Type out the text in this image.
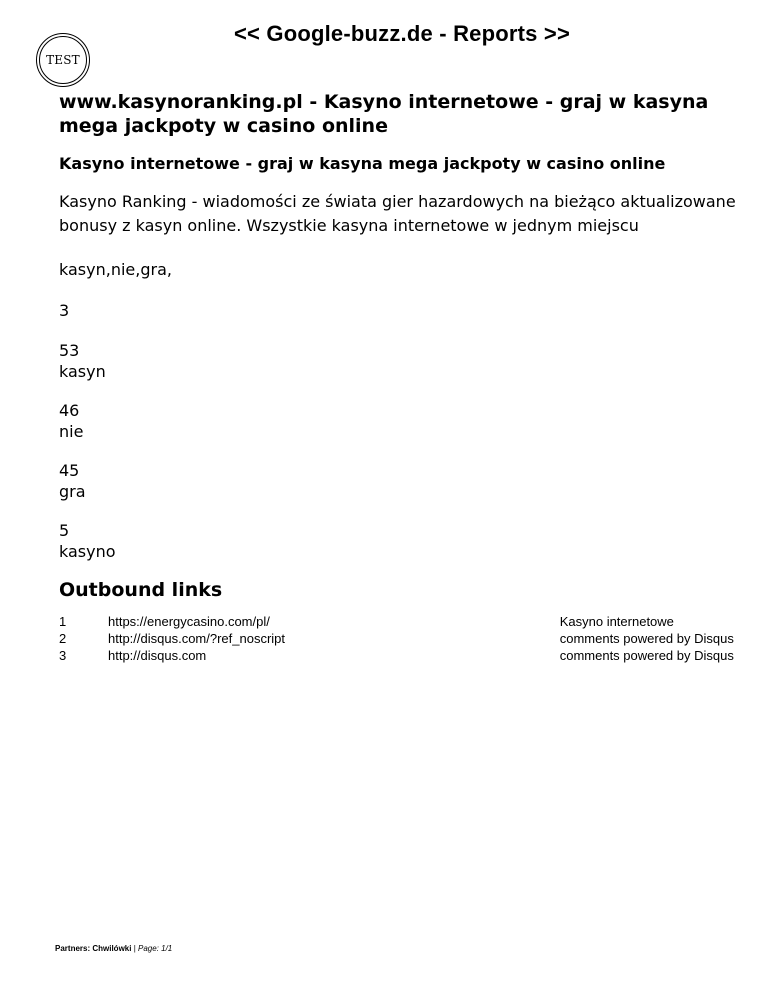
<< Google-buzz.de - Reports >>
TEST
www.kasynoranking.pl - Kasyno internetowe - graj w kasyna mega jackpoty w casino online
Kasyno internetowe - graj w kasyna mega jackpoty w casino online

Kasyno Ranking - wiadomości ze świata gier hazardowych na bieżąco aktualizowane bonusy z kasyn online. Wszystkie kasyna internetowe w jednym miejscu

kasyn,nie,gra,

3

53

kasyn

46

nie

45

gra

5

kasyno

Outbound links
1	https://energycasino.com/pl/	Kasyno internetowe
2	http://disqus.com/?ref_noscript	comments powered by Disqus
3	http://disqus.com	comments powered by Disqus
Partners: Chwilówki | Page: 1/1
